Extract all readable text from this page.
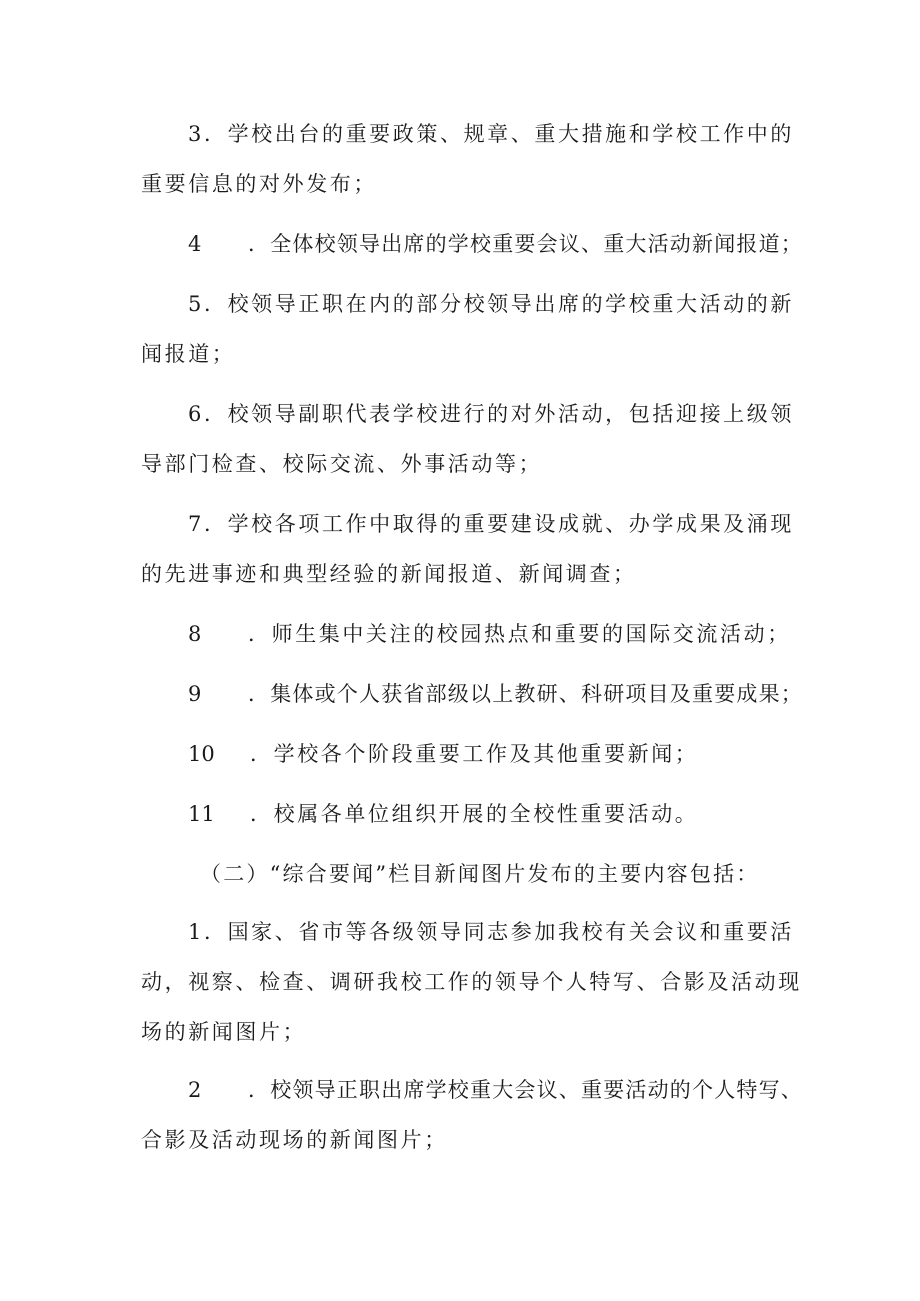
3．学校出台的重要政策、规章、重大措施和学校工作中的
重要信息的对外发布；
4 ．全体校领导出席的学校重要会议、重大活动新闻报道；
5．校领导正职在内的部分校领导出席的学校重大活动的新
闻报道；
6．校领导副职代表学校进行的对外活动，包括迎接上级领
导部门检查、校际交流、外事活动等；
7．学校各项工作中取得的重要建设成就、办学成果及涌现
的先进事迹和典型经验的新闻报道、新闻调查；
8 ．师生集中关注的校园热点和重要的国际交流活动；
9 ．集体或个人获省部级以上教研、科研项目及重要成果；
10 ．学校各个阶段重要工作及其他重要新闻；
11 ．校属各单位组织开展的全校性重要活动。
（二）“综合要闻”栏目新闻图片发布的主要内容包括：
1．国家、省市等各级领导同志参加我校有关会议和重要活
动，视察、检查、调研我校工作的领导个人特写、合影及活动现
场的新闻图片；
2 ．校领导正职出席学校重大会议、重要活动的个人特写、
合影及活动现场的新闻图片；
